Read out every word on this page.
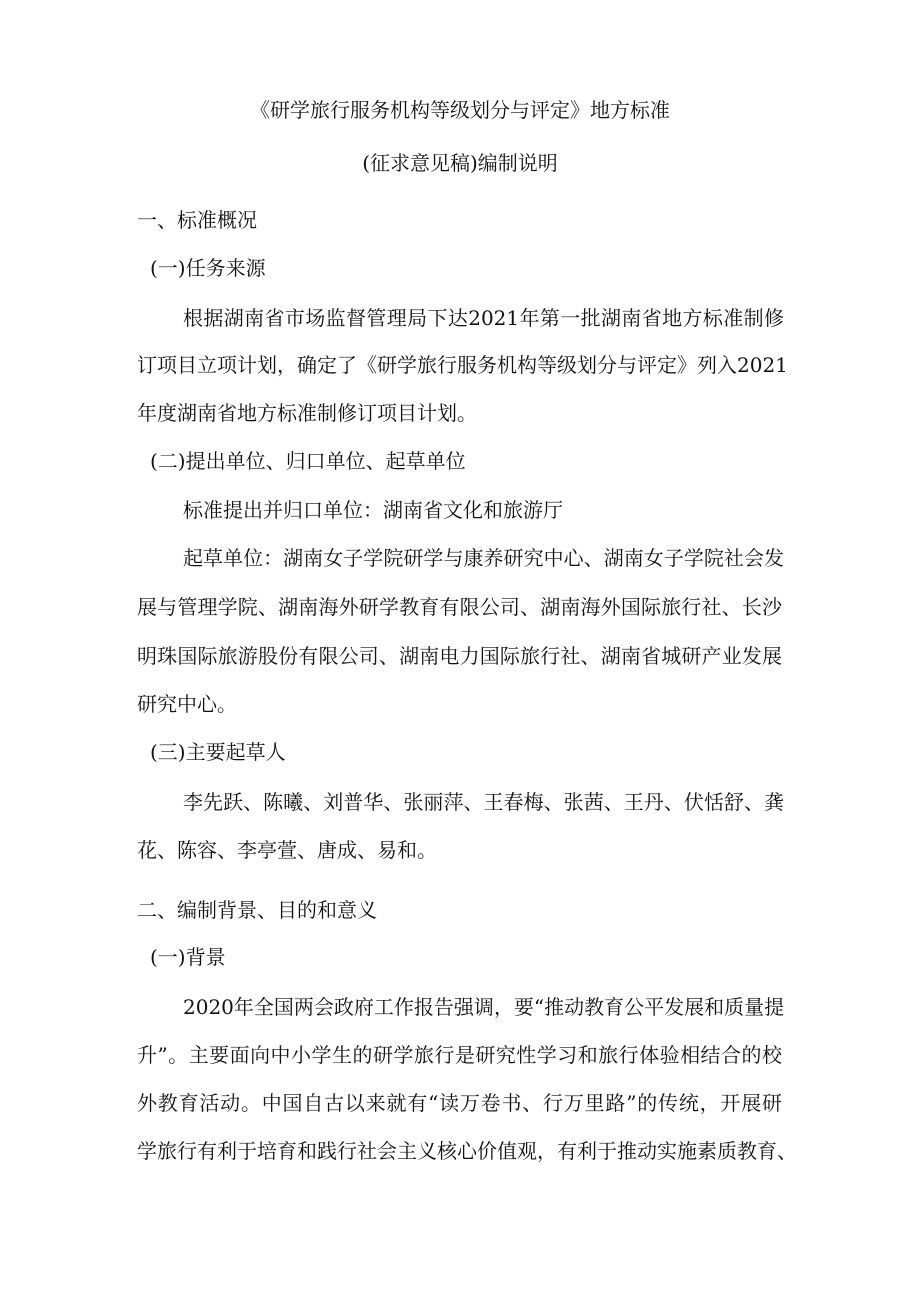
《研学旅行服务机构等级划分与评定》地方标准
(征求意见稿)编制说明
一、标准概况
(一)任务来源
根据湖南省市场监督管理局下达2021年第一批湖南省地方标准制修
订项目立项计划，确定了《研学旅行服务机构等级划分与评定》列入2021
年度湖南省地方标准制修订项目计划。
(二)提出单位、归口单位、起草单位
标准提出并归口单位：湖南省文化和旅游厅
起草单位：湖南女子学院研学与康养研究中心、湖南女子学院社会发
展与管理学院、湖南海外研学教育有限公司、湖南海外国际旅行社、长沙
明珠国际旅游股份有限公司、湖南电力国际旅行社、湖南省城研产业发展
研究中心。
(三)主要起草人
李先跃、陈曦、刘普华、张丽萍、王春梅、张茜、王丹、伏恬舒、龚
花、陈容、李亭萱、唐成、易和。
二、编制背景、目的和意义
(一)背景
2020年全国两会政府工作报告强调，要“推动教育公平发展和质量提
升”。主要面向中小学生的研学旅行是研究性学习和旅行体验相结合的校
外教育活动。中国自古以来就有“读万卷书、行万里路”的传统，开展研
学旅行有利于培育和践行社会主义核心价值观，有利于推动实施素质教育、
